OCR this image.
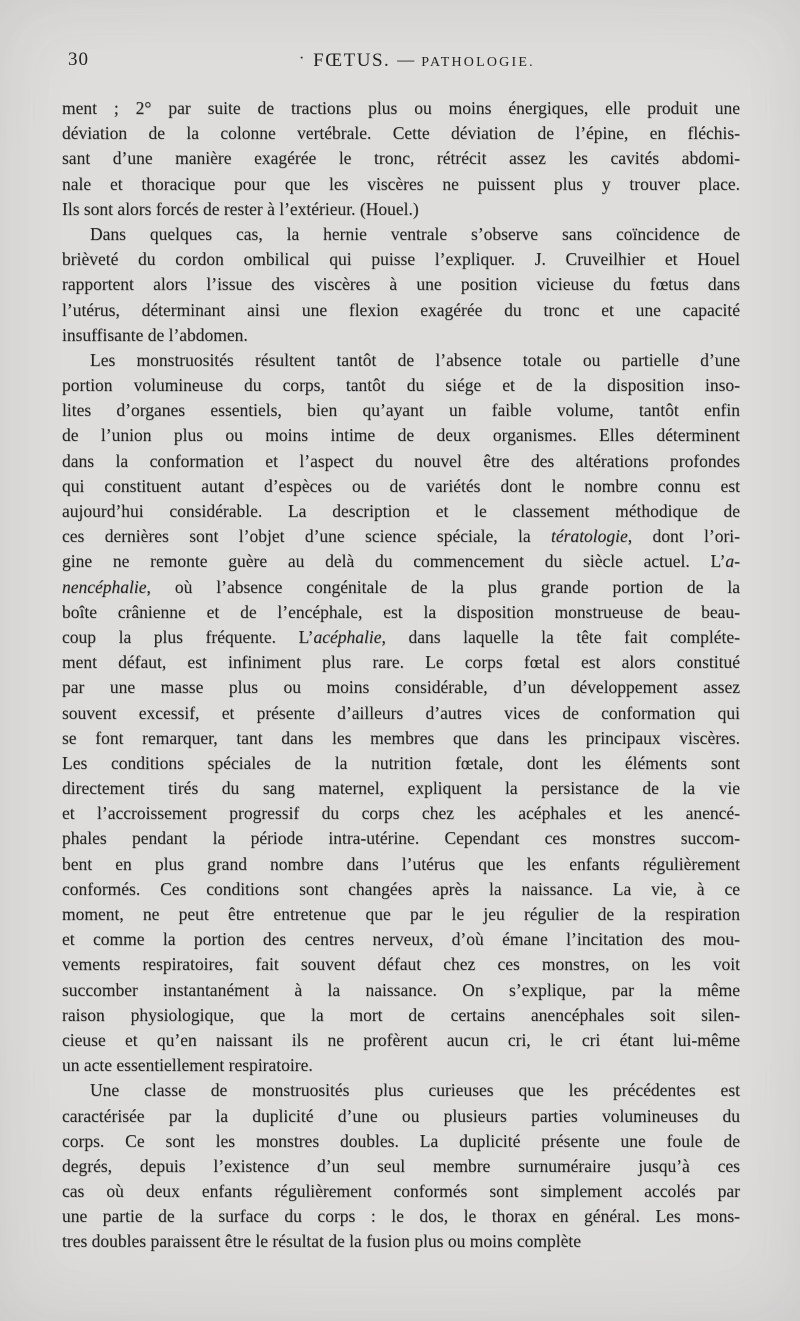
30	· FŒTUS. — PATHOLOGIE.
ment ; 2° par suite de tractions plus ou moins énergiques, elle produit une
déviation de la colonne vertébrale. Cette déviation de l’épine, en fléchis-
sant d’une manière exagérée le tronc, rétrécit assez les cavités abdomi-
nale et thoracique pour que les viscères ne puissent plus y trouver place.
Ils sont alors forcés de rester à l’extérieur. (Houel.)
Dans quelques cas, la hernie ventrale s’observe sans coïncidence de
brièveté du cordon ombilical qui puisse l’expliquer. J. Cruveilhier et Houel
rapportent alors l’issue des viscères à une position vicieuse du fœtus dans
l’utérus, déterminant ainsi une flexion exagérée du tronc et une capacité
insuffisante de l’abdomen.
Les monstruosités résultent tantôt de l’absence totale ou partielle d’une
portion volumineuse du corps, tantôt du siége et de la disposition inso-
lites d’organes essentiels, bien qu’ayant un faible volume, tantôt enfin
de l’union plus ou moins intime de deux organismes. Elles déterminent
dans la conformation et l’aspect du nouvel être des altérations profondes
qui constituent autant d’espèces ou de variétés dont le nombre connu est
aujourd’hui considérable. La description et le classement méthodique de
ces dernières sont l’objet d’une science spéciale, la tératologie, dont l’ori-
gine ne remonte guère au delà du commencement du siècle actuel. L’a-
nencéphalie, où l’absence congénitale de la plus grande portion de la
boîte crânienne et de l’encéphale, est la disposition monstrueuse de beau-
coup la plus fréquente. L’acéphalie, dans laquelle la tête fait compléte-
ment défaut, est infiniment plus rare. Le corps fœtal est alors constitué
par une masse plus ou moins considérable, d’un développement assez
souvent excessif, et présente d’ailleurs d’autres vices de conformation qui
se font remarquer, tant dans les membres que dans les principaux viscères.
Les conditions spéciales de la nutrition fœtale, dont les éléments sont
directement tirés du sang maternel, expliquent la persistance de la vie
et l’accroissement progressif du corps chez les acéphales et les anencé-
phales pendant la période intra-utérine. Cependant ces monstres succom-
bent en plus grand nombre dans l’utérus que les enfants régulièrement
conformés. Ces conditions sont changées après la naissance. La vie, à ce
moment, ne peut être entretenue que par le jeu régulier de la respiration
et comme la portion des centres nerveux, d’où émane l’incitation des mou-
vements respiratoires, fait souvent défaut chez ces monstres, on les voit
succomber instantanément à la naissance. On s’explique, par la même
raison physiologique, que la mort de certains anencéphales soit silen-
cieuse et qu’en naissant ils ne profèrent aucun cri, le cri étant lui-même
un acte essentiellement respiratoire.
Une classe de monstruosités plus curieuses que les précédentes est
caractérisée par la duplicité d’une ou plusieurs parties volumineuses du
corps. Ce sont les monstres doubles. La duplicité présente une foule de
degrés, depuis l’existence d’un seul membre surnuméraire jusqu’à ces
cas où deux enfants régulièrement conformés sont simplement accolés par
une partie de la surface du corps : le dos, le thorax en général. Les mons-
tres doubles paraissent être le résultat de la fusion plus ou moins complète
